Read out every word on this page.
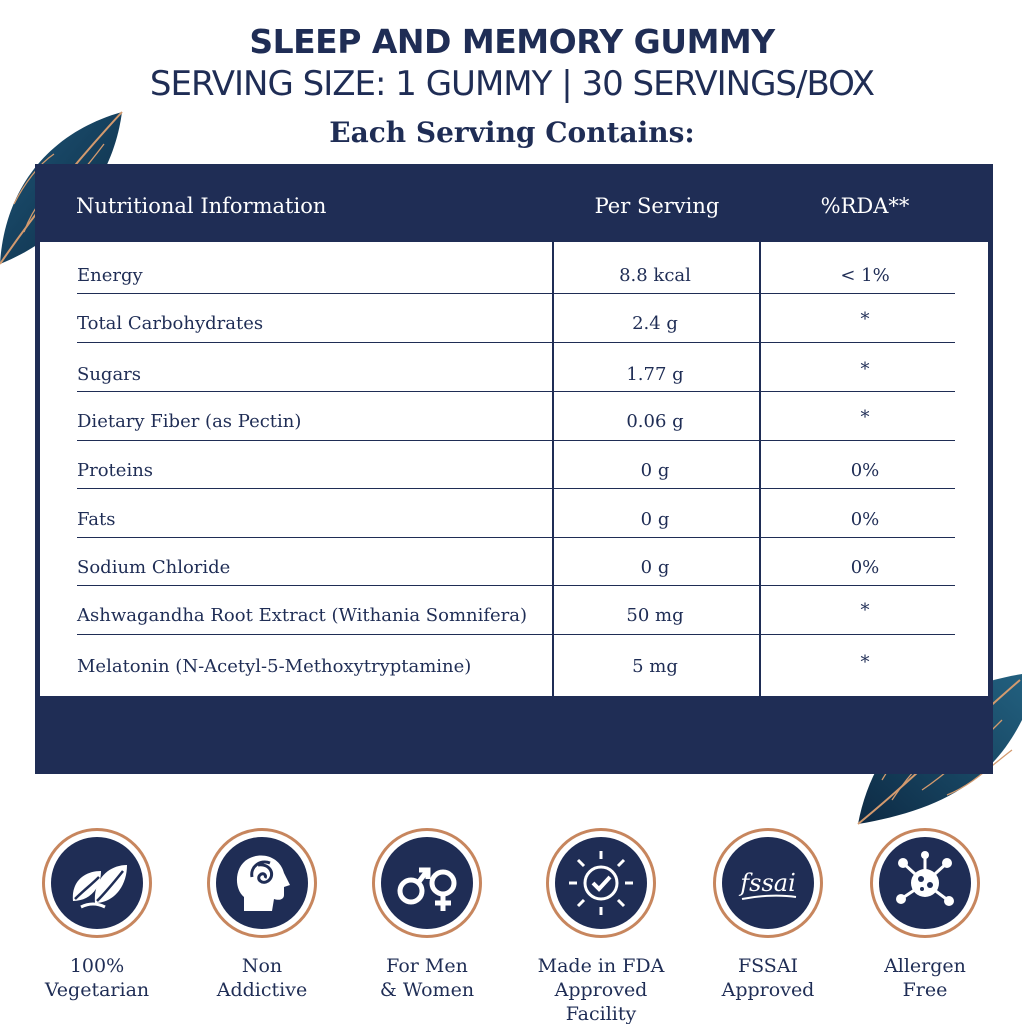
SLEEP AND MEMORY GUMMY
SERVING SIZE: 1 GUMMY | 30 SERVINGS/BOX
Each Serving Contains:
Nutritional Information	Per Serving	%RDA**
Energy	8.8 kcal	< 1%
Total Carbohydrates	2.4 g	*
Sugars	1.77 g	*
Dietary Fiber (as Pectin)	0.06 g	*
Proteins	0 g	0%
Fats	0 g	0%
Sodium Chloride	0 g	0%
Ashwagandha Root Extract (Withania Somnifera)	50 mg	*
Melatonin (N-Acetyl-5-Methoxytryptamine)	5 mg	*
100%
Vegetarian
Non
Addictive
For Men
& Women
Made in FDA
Approved Facility
fssai
FSSAI
Approved
Allergen
Free
